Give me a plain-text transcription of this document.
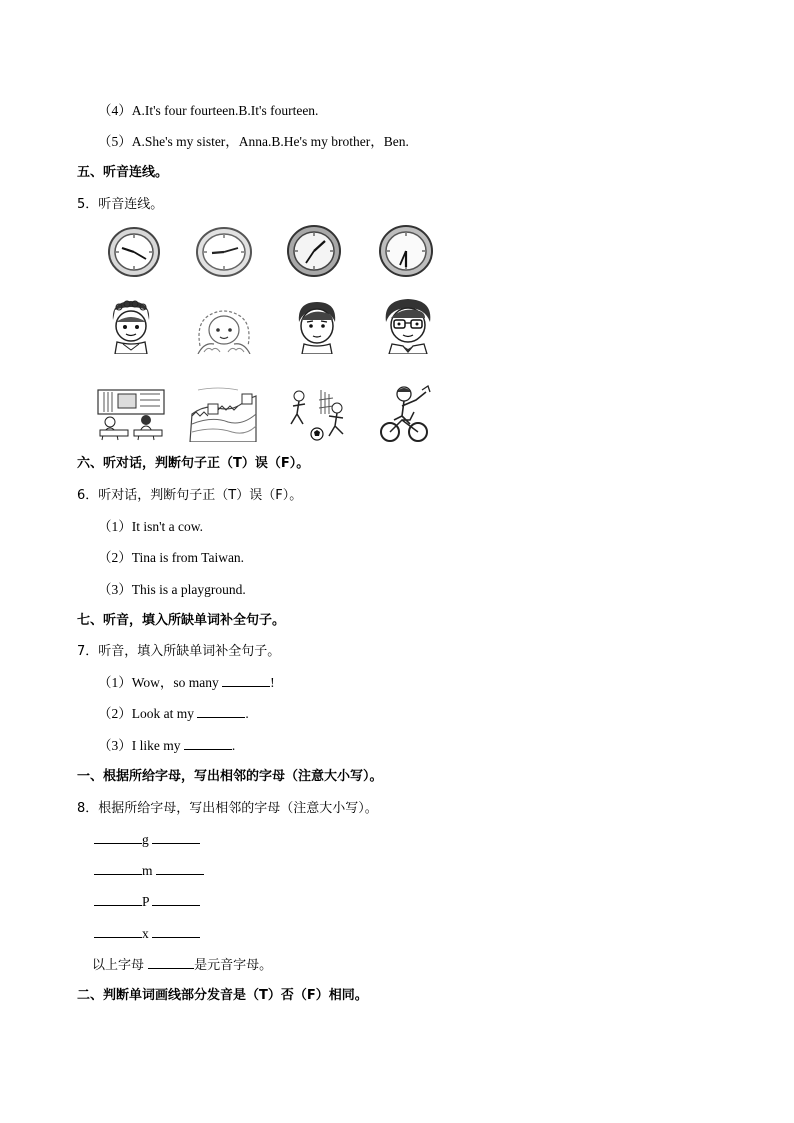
（4）A.It's four fourteen.B.It's fourteen.
（5）A.She's my sister，Anna.B.He's my brother，Ben.
五、听音连线。
5．听音连线。
六、听对话，判断句子正（T）误（F）。
6．听对话，判断句子正（T）误（F）。
（1）It isn't a cow.
（2）Tina is from Taiwan.
（3）This is a playground.
七、听音，填入所缺单词补全句子。
7．听音，填入所缺单词补全句子。
（1）Wow，so many	!
（2）Look at my	.
（3）I like my	.
一、根据所给字母，写出相邻的字母（注意大小写）。
8．根据所给字母，写出相邻的字母（注意大小写）。
g
m
P
x
以上字母	是元音字母。
二、判断单词画线部分发音是（T）否（F）相同。
